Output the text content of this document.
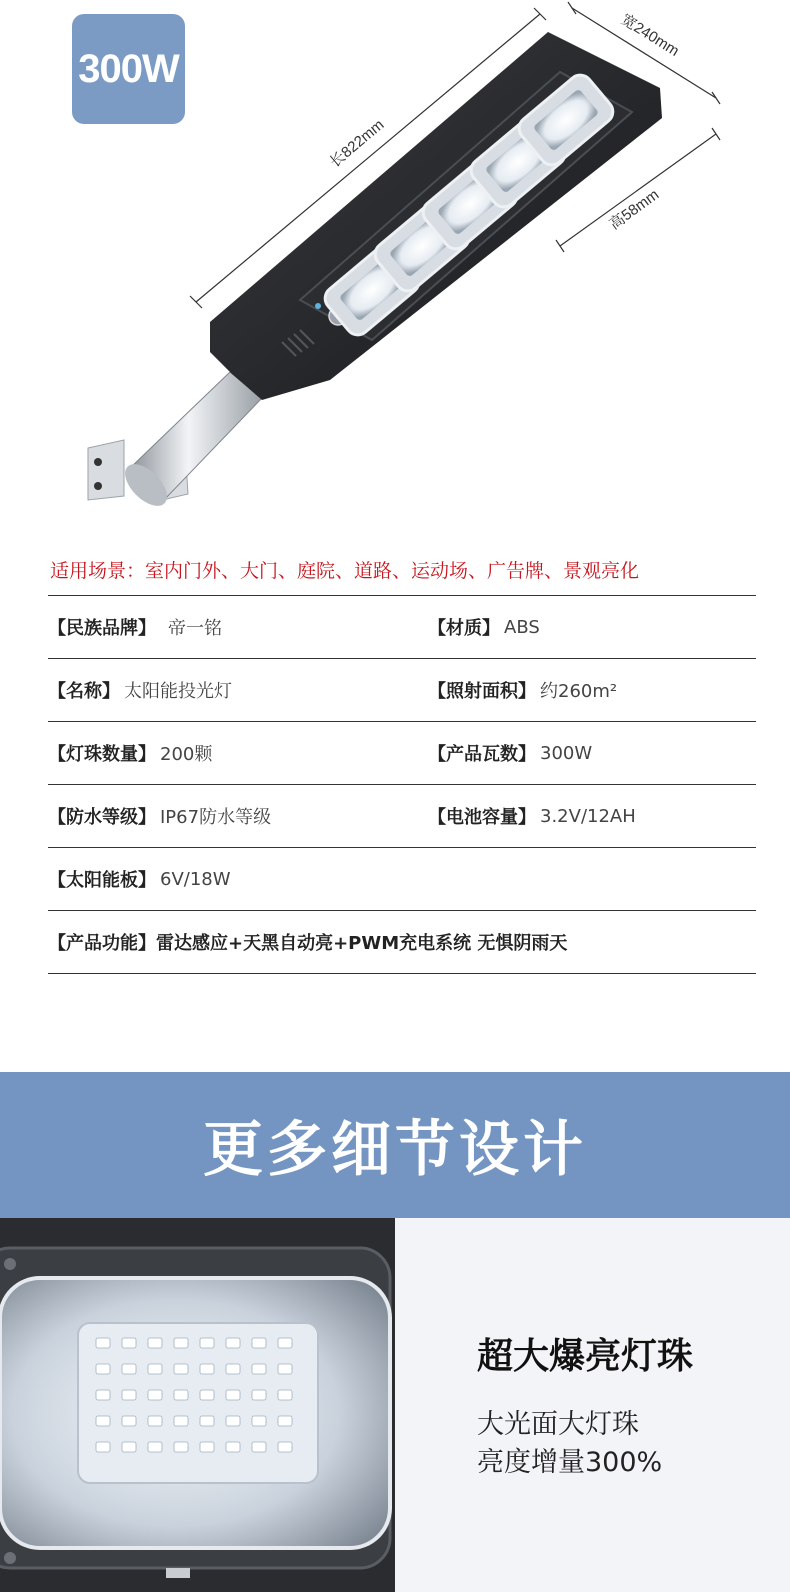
长822mm
宽240mm
高58mm
300W
适用场景：室内门外、大门、庭院、道路、运动场、广告牌、景观亮化
【民族品牌】 帝一铭	【材质】 ABS
【名称】 太阳能投光灯	【照射面积】 约260m²
【灯珠数量】 200颗	【产品瓦数】 300W
【防水等级】 IP67防水等级	【电池容量】 3.2V/12AH
【太阳能板】 6V/18W
【产品功能】 雷达感应+天黑自动亮+PWM充电系统 无惧阴雨天
更多细节设计
超大爆亮灯珠
大光面大灯珠
亮度增量300%
